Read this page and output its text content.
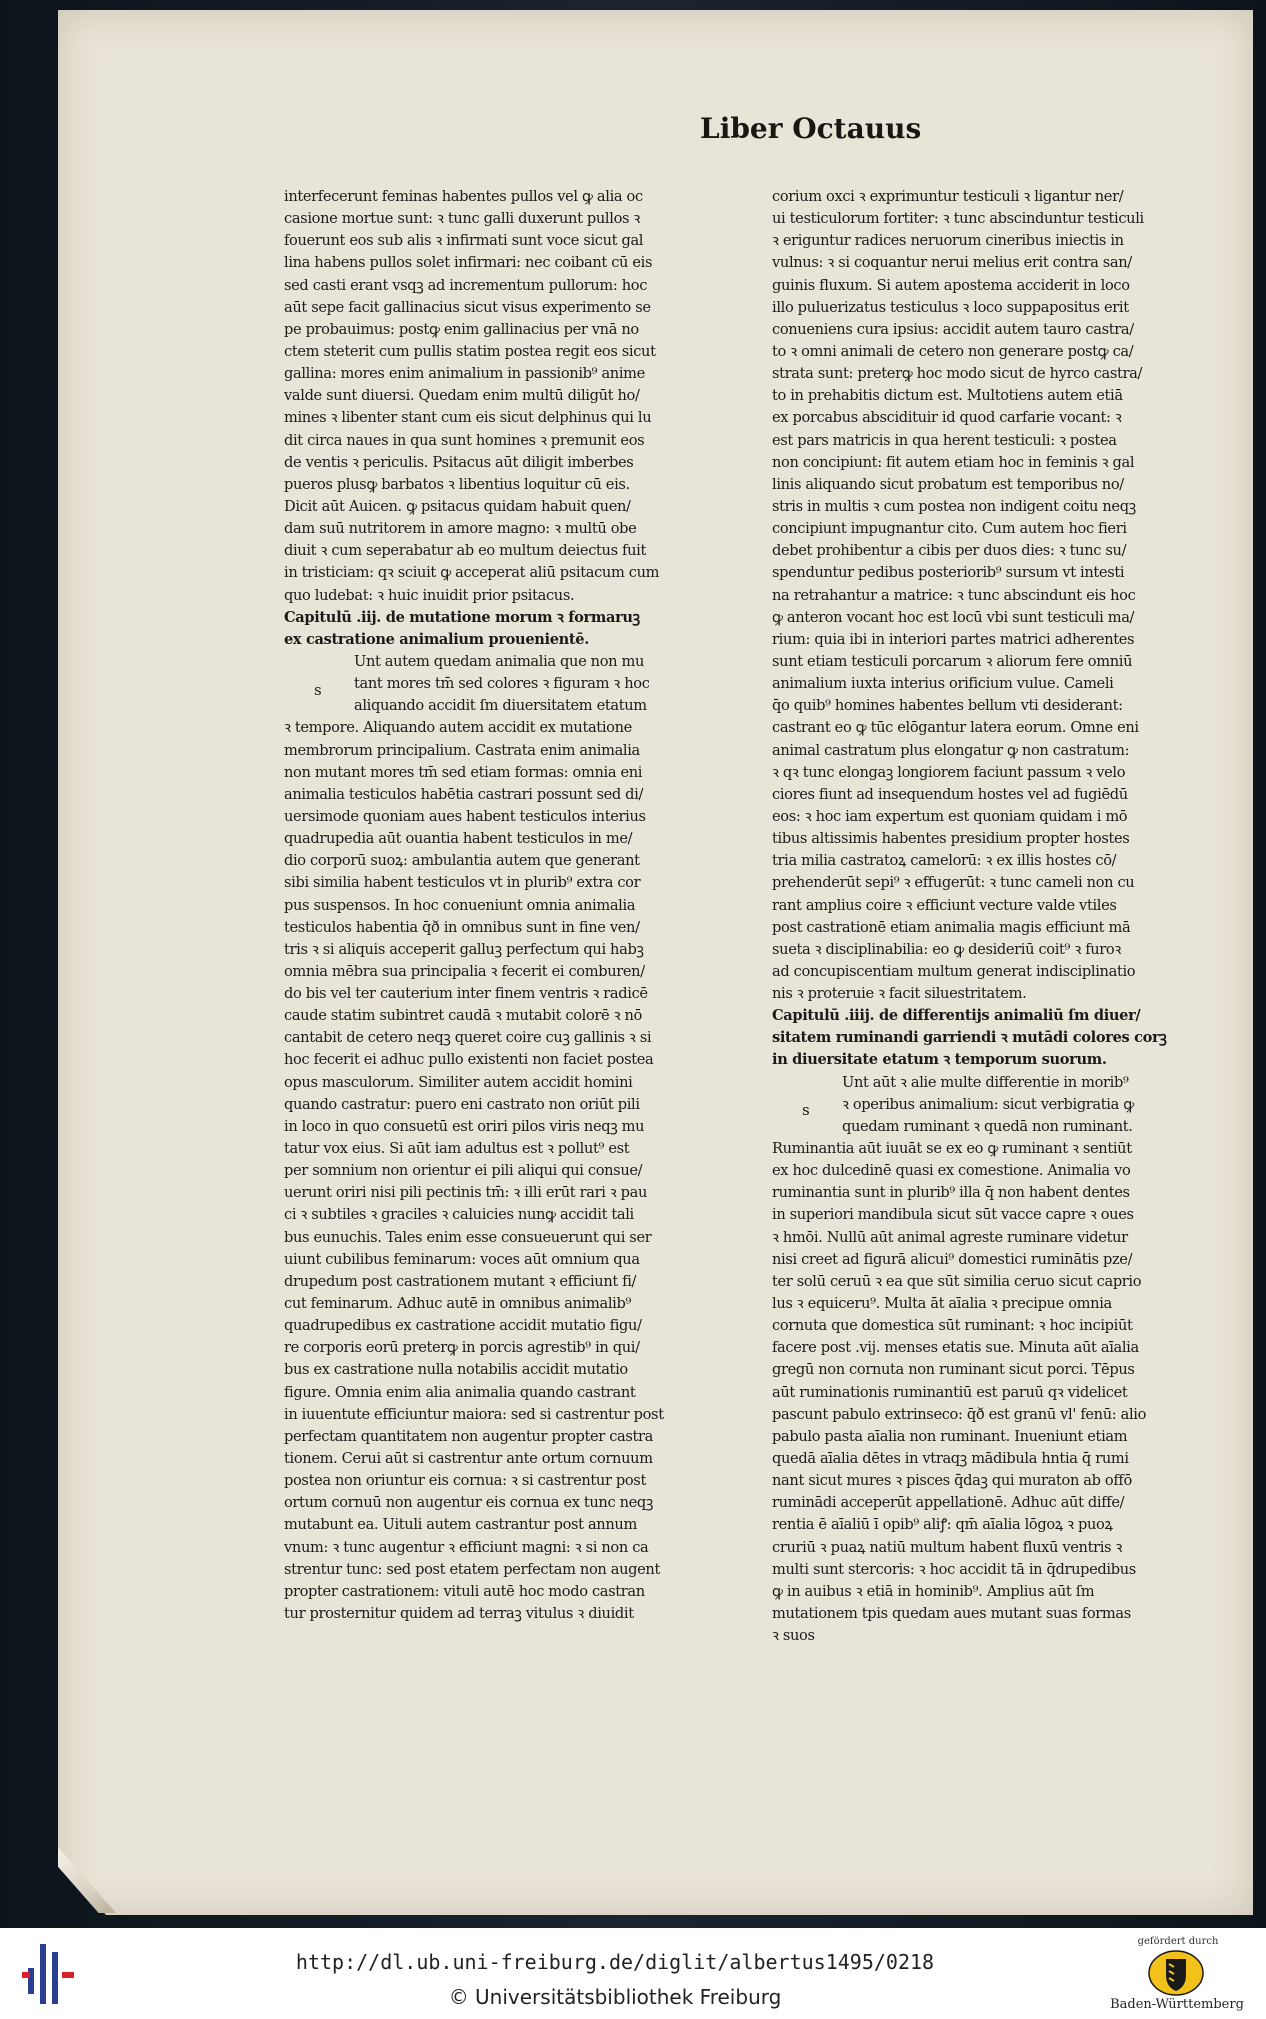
Liber Octauus
interfecerunt feminas habentes pullos vel ꝙ alia oc
casione mortue sunt: ꝛ tunc galli duxerunt pullos ꝛ
fouerunt eos sub alis ꝛ infirmati sunt voce sicut gal
lina habens pullos solet infirmari: nec coibant cū eis
sed casti erant vsqꝫ ad incrementum pullorum: hoc
aūt sepe facit gallinacius sicut visus experimento se
pe probauimus: postꝙ enim gallinacius per vnā no
ctem steterit cum pullis statim postea regit eos sicut
gallina: mores enim animalium in passionib⁹ anime
valde sunt diuersi. Quedam enim multū diligūt ho/
mines ꝛ libenter stant cum eis sicut delphinus qui lu
dit circa naues in qua sunt homines ꝛ premunit eos
de ventis ꝛ periculis. Psitacus aūt diligit imberbes
pueros plusꝙ barbatos ꝛ libentius loquitur cū eis.
Dicit aūt Auicen. ꝙ psitacus quidam habuit quen/
dam suū nutritorem in amore magno: ꝛ multū obe
diuit ꝛ cum seperabatur ab eo multum deiectus fuit
in tristiciam: qꝛ sciuit ꝙ acceperat aliū psitacum cum
quo ludebat: ꝛ huic inuidit prior psitacus.
Capitulū .iij. de mutatione morum ꝛ formaruꝫ
ex castratione animalium prouenientē.
Unt autem quedam animalia que non mu
tant mores tm̄ sed colores ꝛ figuram ꝛ hoc
aliquando accidit ſm diuersitatem etatum
ꝛ tempore. Aliquando autem accidit ex mutatione
membrorum principalium. Castrata enim animalia
non mutant mores tm̄ sed etiam formas: omnia eni
animalia testiculos habētia castrari possunt sed di/
uersimode quoniam aues habent testiculos interius
quadrupedia aūt ouantia habent testiculos in me/
dio corporū suoꝝ: ambulantia autem que generant
sibi similia habent testiculos vt in plurib⁹ extra cor
pus suspensos. In hoc conueniunt omnia animalia
testiculos habentia q̄ð in omnibus sunt in fine ven/
tris ꝛ si aliquis acceperit galluꝫ perfectum qui habꝫ
omnia mēbra sua principalia ꝛ fecerit ei comburen/
do bis vel ter cauterium inter finem ventris ꝛ radicē
caude statim subintret caudā ꝛ mutabit colorē ꝛ nō
cantabit de cetero neqꝫ queret coire cuꝫ gallinis ꝛ si
hoc fecerit ei adhuc pullo existenti non faciet postea
opus masculorum. Similiter autem accidit homini
quando castratur: puero eni castrato non oriūt pili
in loco in quo consuetū est oriri pilos viris neqꝫ mu
tatur vox eius. Si aūt iam adultus est ꝛ pollut⁹ est
per somnium non orientur ei pili aliqui qui consue/
uerunt oriri nisi pili pectinis tm̄: ꝛ illi erūt rari ꝛ pau
ci ꝛ subtiles ꝛ graciles ꝛ caluicies nunꝙ accidit tali
bus eunuchis. Tales enim esse consueuerunt qui ser
uiunt cubilibus feminarum: voces aūt omnium qua
drupedum post castrationem mutant ꝛ efficiunt fi/
cut feminarum. Adhuc autē in omnibus animalib⁹
quadrupedibus ex castratione accidit mutatio figu/
re corporis eorū preterꝙ in porcis agrestib⁹ in qui/
bus ex castratione nulla notabilis accidit mutatio
figure. Omnia enim alia animalia quando castrant
in iuuentute efficiuntur maiora: sed si castrentur post
perfectam quantitatem non augentur propter castra
tionem. Cerui aūt si castrentur ante ortum cornuum
postea non oriuntur eis cornua: ꝛ si castrentur post
ortum cornuū non augentur eis cornua ex tunc neqꝫ
mutabunt ea. Uituli autem castrantur post annum
vnum: ꝛ tunc augentur ꝛ efficiunt magni: ꝛ si non ca
strentur tunc: sed post etatem perfectam non augent
propter castrationem: vituli autē hoc modo castran
tur prosternitur quidem ad terraꝫ vitulus ꝛ diuidit
corium oxci ꝛ exprimuntur testiculi ꝛ ligantur ner/
ui testiculorum fortiter: ꝛ tunc abscinduntur testiculi
ꝛ eriguntur radices neruorum cineribus iniectis in
vulnus: ꝛ si coquantur nerui melius erit contra san/
guinis fluxum. Si autem apostema acciderit in loco
illo puluerizatus testiculus ꝛ loco suppapositus erit
conueniens cura ipsius: accidit autem tauro castra/
to ꝛ omni animali de cetero non generare postꝙ ca/
strata sunt: preterꝙ hoc modo sicut de hyrco castra/
to in prehabitis dictum est. Multotiens autem etiā
ex porcabus abscidituir id quod carfarie vocant: ꝛ
est pars matricis in qua herent testiculi: ꝛ postea
non concipiunt: fit autem etiam hoc in feminis ꝛ gal
linis aliquando sicut probatum est temporibus no/
stris in multis ꝛ cum postea non indigent coitu neqꝫ
concipiunt impugnantur cito. Cum autem hoc fieri
debet prohibentur a cibis per duos dies: ꝛ tunc su/
spenduntur pedibus posteriorib⁹ sursum vt intesti
na retrahantur a matrice: ꝛ tunc abscindunt eis hoc
ꝙ anteron vocant hoc est locū vbi sunt testiculi ma/
rium: quia ibi in interiori partes matrici adherentes
sunt etiam testiculi porcarum ꝛ aliorum fere omniū
animalium iuxta interius orificium vulue. Cameli
q̄o quib⁹ homines habentes bellum vti desiderant:
castrant eo ꝙ tūc elōgantur latera eorum. Omne eni
animal castratum plus elongatur ꝙ non castratum:
ꝛ qꝛ tunc elongaꝫ longiorem faciunt passum ꝛ velo
ciores fiunt ad insequendum hostes vel ad fugiēdū
eos: ꝛ hoc iam expertum est quoniam quidam i mō
tibus altissimis habentes presidium propter hostes
tria milia castratoꝝ camelorū: ꝛ ex illis hostes cō/
prehenderūt sepi⁹ ꝛ effugerūt: ꝛ tunc cameli non cu
rant amplius coire ꝛ efficiunt vecture valde vtiles
post castrationē etiam animalia magis efficiunt mā
sueta ꝛ disciplinabilia: eo ꝙ desideriū coit⁹ ꝛ furoꝛ
ad concupiscentiam multum generat indisciplinatio
nis ꝛ proteruie ꝛ facit siluestritatem.
Capitulū .iiij. de differentijs animaliū ſm diuer/
sitatem ruminandi garriendi ꝛ mutādi colores corꝫ
in diuersitate etatum ꝛ temporum suorum.
Unt aūt ꝛ alie multe differentie in morib⁹
ꝛ operibus animalium: sicut verbigratia ꝙ
quedam ruminant ꝛ quedā non ruminant.
Ruminantia aūt iuuāt se ex eo ꝙ ruminant ꝛ sentiūt
ex hoc dulcedinē quasi ex comestione. Animalia vo
ruminantia sunt in plurib⁹ illa q̄ non habent dentes
in superiori mandibula sicut sūt vacce capre ꝛ oues
ꝛ hmōi. Nullū aūt animal agreste ruminare videtur
nisi creet ad figurā alicui⁹ domestici ruminātis pze/
ter solū ceruū ꝛ ea que sūt similia ceruo sicut caprio
lus ꝛ equiceru⁹. Multa āt aīalia ꝛ precipue omnia
cornuta que domestica sūt ruminant: ꝛ hoc incipiūt
facere post .vij. menses etatis sue. Minuta aūt aīalia
gregū non cornuta non ruminant sicut porci. Tēpus
aūt ruminationis ruminantiū est paruū qꝛ videlicet
pascunt pabulo extrinseco: q̄ð est granū vl' fenū: alio
pabulo pasta aīalia non ruminant. Inueniunt etiam
quedā aīalia dētes in vtraqꝫ mādibula hntia q̄ rumi
nant sicut mures ꝛ pisces q̄daꝫ qui muraton ab offō
ruminādi acceperūt appellationē. Adhuc aūt diffe/
rentia ē aīaliū ī opib⁹ aliꝭ: qm̄ aīalia lōgoꝝ ꝛ puoꝝ
cruriū ꝛ puaꝝ natiū multum habent fluxū ventris ꝛ
multi sunt stercoris: ꝛ hoc accidit tā in q̄drupedibus
ꝙ in auibus ꝛ etiā in hominib⁹. Amplius aūt ſm
mutationem tpis quedam aues mutant suas formas
ꝛ suos
s
s
http://dl.ub.uni-freiburg.de/diglit/albertus1495/0218
© Universitätsbibliothek Freiburg
gefördert durch
Baden-Württemberg
